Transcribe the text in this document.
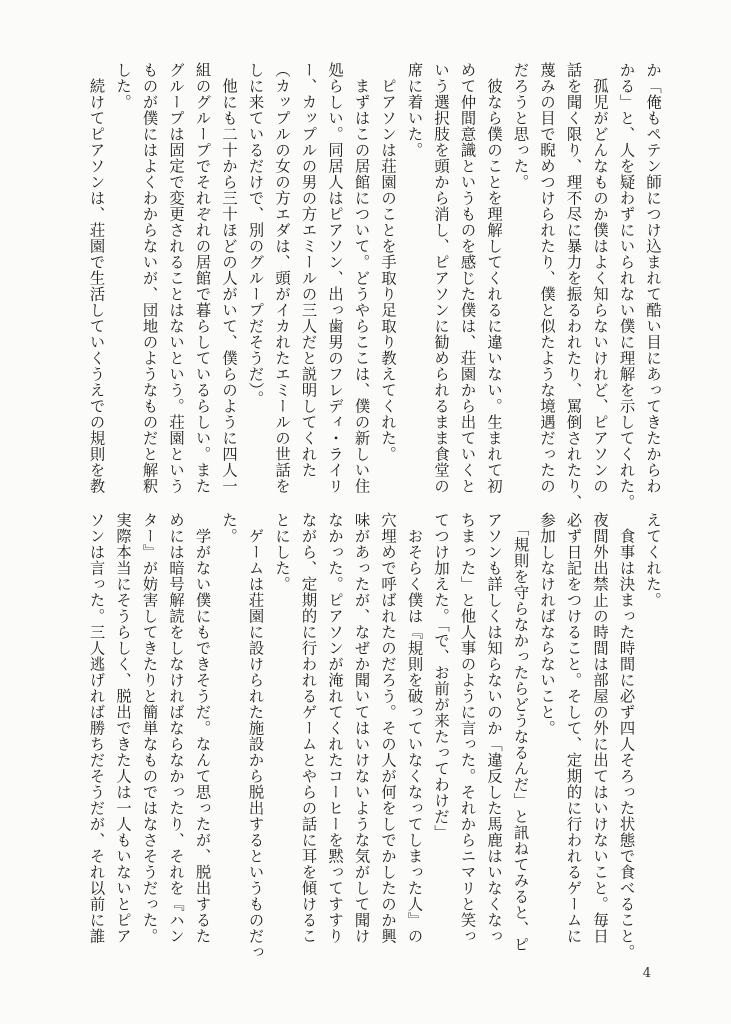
か「俺もペテン師につけ込まれて酷い目にあってきたからわ
かる」と、人を疑わずにいられない僕に理解を示してくれた。
　孤児がどんなものか僕はよく知らないけれど、ピアソンの
話を聞く限り、理不尽に暴力を振るわれたり、罵倒されたり、
蔑みの目で睨めつけられたり、僕と似たような境遇だったの
だろうと思った。
　彼なら僕のことを理解してくれるに違いない。生まれて初
めて仲間意識というものを感じた僕は、荘園から出ていくと
いう選択肢を頭から消し、ピアソンに勧められるまま食堂の
席に着いた。
　ピアソンは荘園のことを手取り足取り教えてくれた。
　まずはこの居館について。どうやらここは、僕の新しい住
処らしい。同居人はピアソン、出っ歯男のフレディ・ライリ
ー、カップルの男の方エミールの三人だと説明してくれた
（カップルの女の方エダは、頭がイカれたエミールの世話を
しに来ているだけで、別のグループだそうだ）。
　他にも二十から三十ほどの人がいて、僕らのように四人一
組のグループでそれぞれの居館で暮らしているらしい。また
グループは固定で変更されることはないという。荘園という
ものが僕にはよくわからないが、団地のようなものだと解釈
した。
　続けてピアソンは、荘園で生活していくうえでの規則を教
えてくれた。
　食事は決まった時間に必ず四人そろった状態で食べること。
夜間外出禁止の時間は部屋の外に出てはいけないこと。毎日
必ず日記をつけること。そして、定期的に行われるゲームに
参加しなければならないこと。
　「規則を守らなかったらどうなるんだ」と訊ねてみると、ピ
アソンも詳しくは知らないのか「違反した馬鹿はいなくなっ
ちまった」と他人事のように言った。それからニマリと笑っ
てつけ加えた。「で、お前が来たってわけだ」
　おそらく僕は『規則を破っていなくなってしまった人』の
穴埋めで呼ばれたのだろう。その人が何をしでかしたのか興
味があったが、なぜか聞いてはいけないような気がして聞け
なかった。ピアソンが淹れてくれたコーヒーを黙ってすすり
ながら、定期的に行われるゲームとやらの話に耳を傾けるこ
とにした。
　ゲームは荘園に設けられた施設から脱出するというものだっ
た。
　学がない僕にもできそうだ。なんて思ったが、脱出するた
めには暗号解読をしなければならなかったり、それを『ハン
ター』が妨害してきたりと簡単なものではなさそうだった。
実際本当にそうらしく、脱出できた人は一人もいないとピア
ソンは言った。三人逃げれば勝ちだそうだが、それ以前に誰
4
